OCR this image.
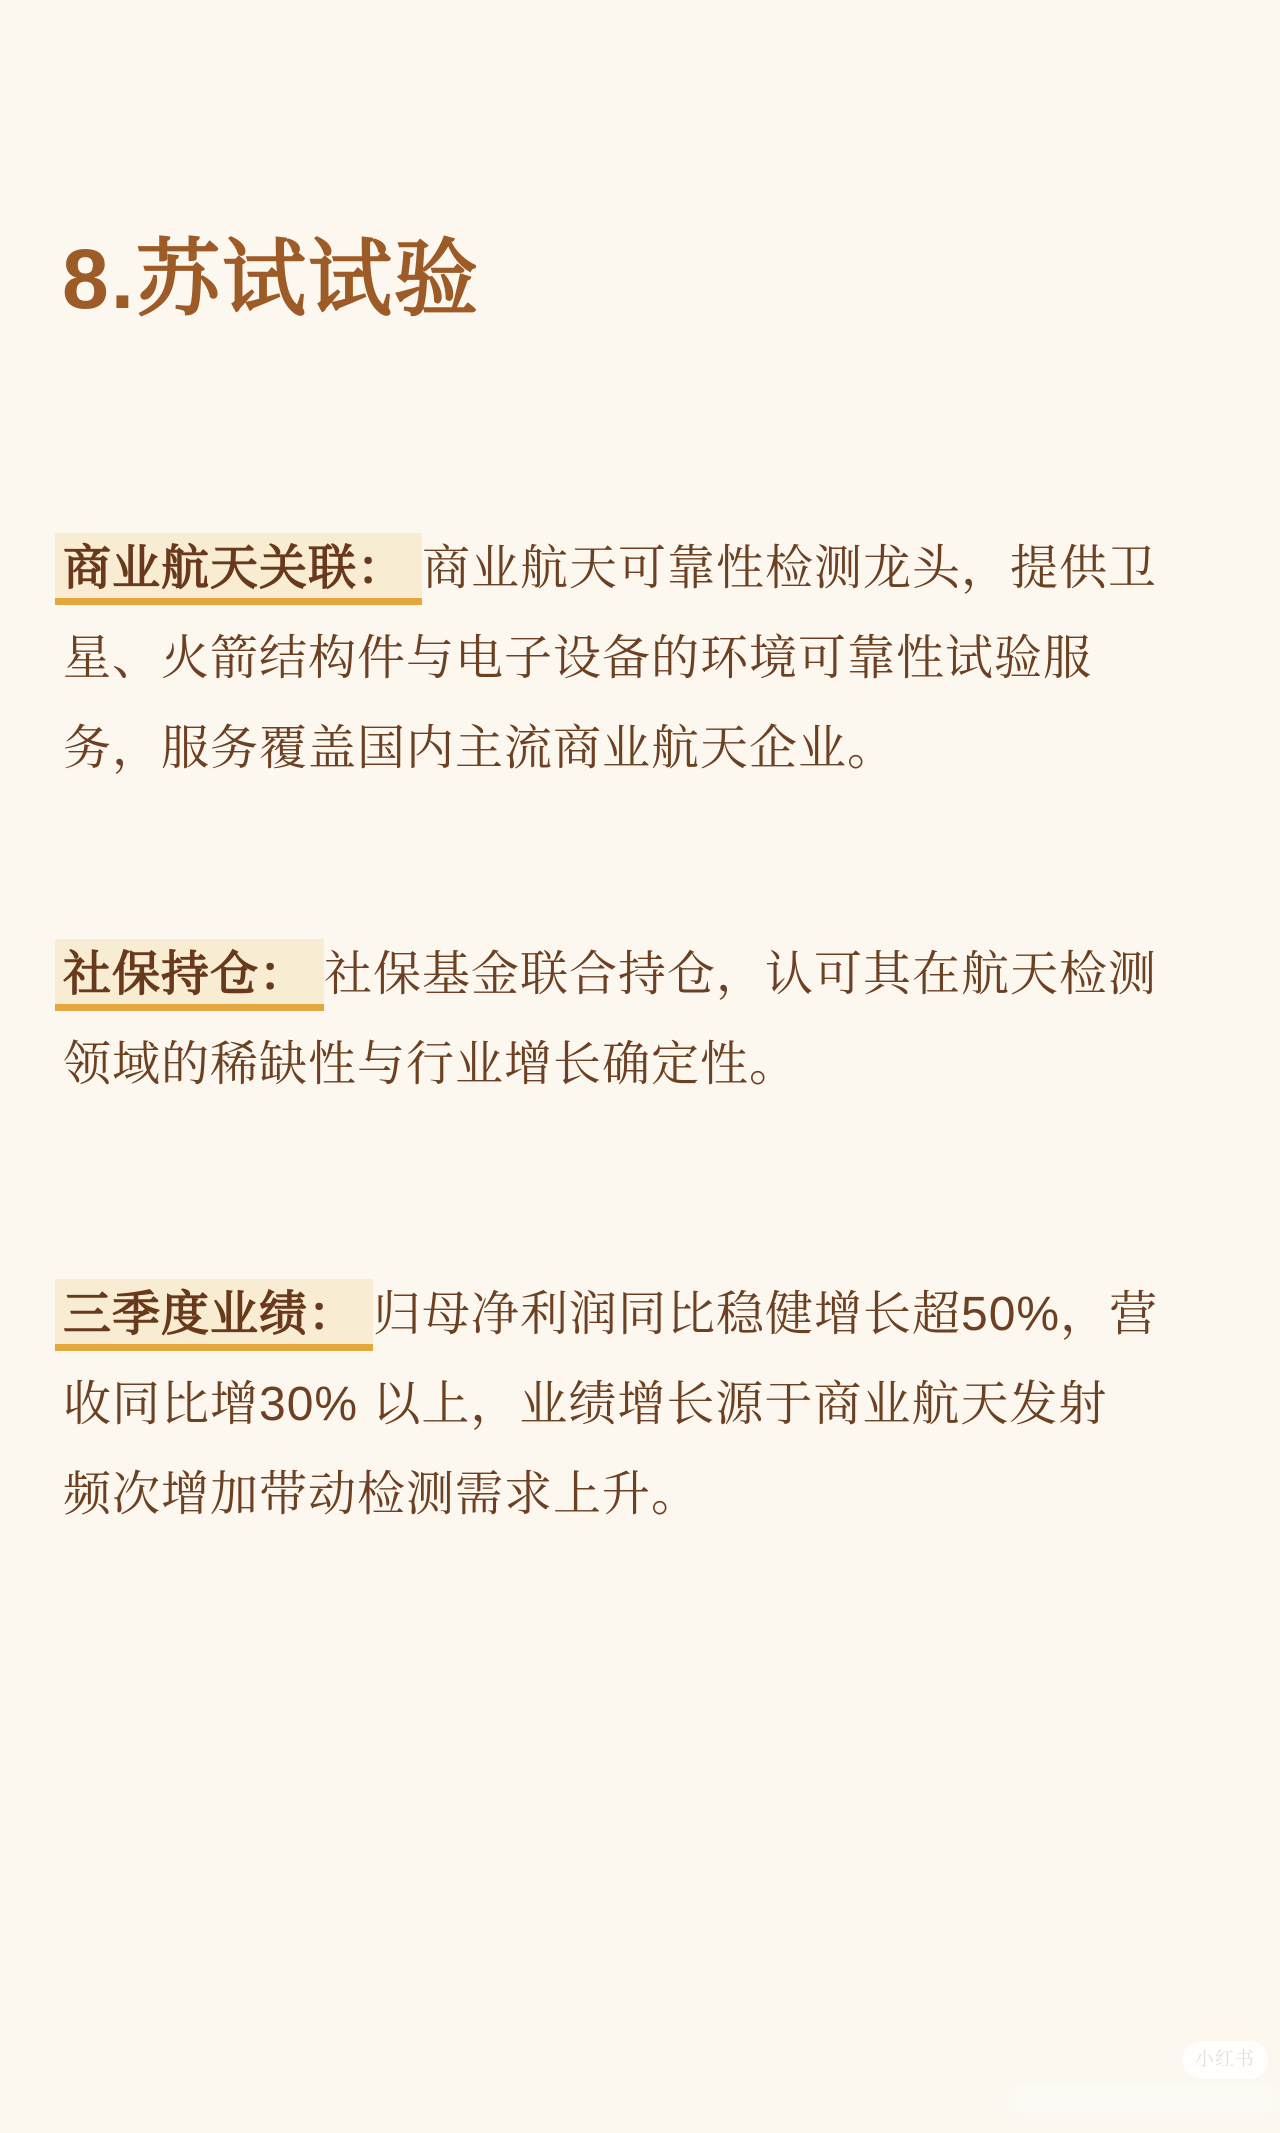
8.苏试试验
商业航天关联： 商业航天可靠性检测龙头，提供卫
星、火箭结构件与电子设备的环境可靠性试验服
务，服务覆盖国内主流商业航天企业。
社保持仓： 社保基金联合持仓，认可其在航天检测
领域的稀缺性与行业增长确定性。
三季度业绩： 归母净利润同比稳健增长超50%，营
收同比增30% 以上，业绩增长源于商业航天发射
频次增加带动检测需求上升。
小红书
